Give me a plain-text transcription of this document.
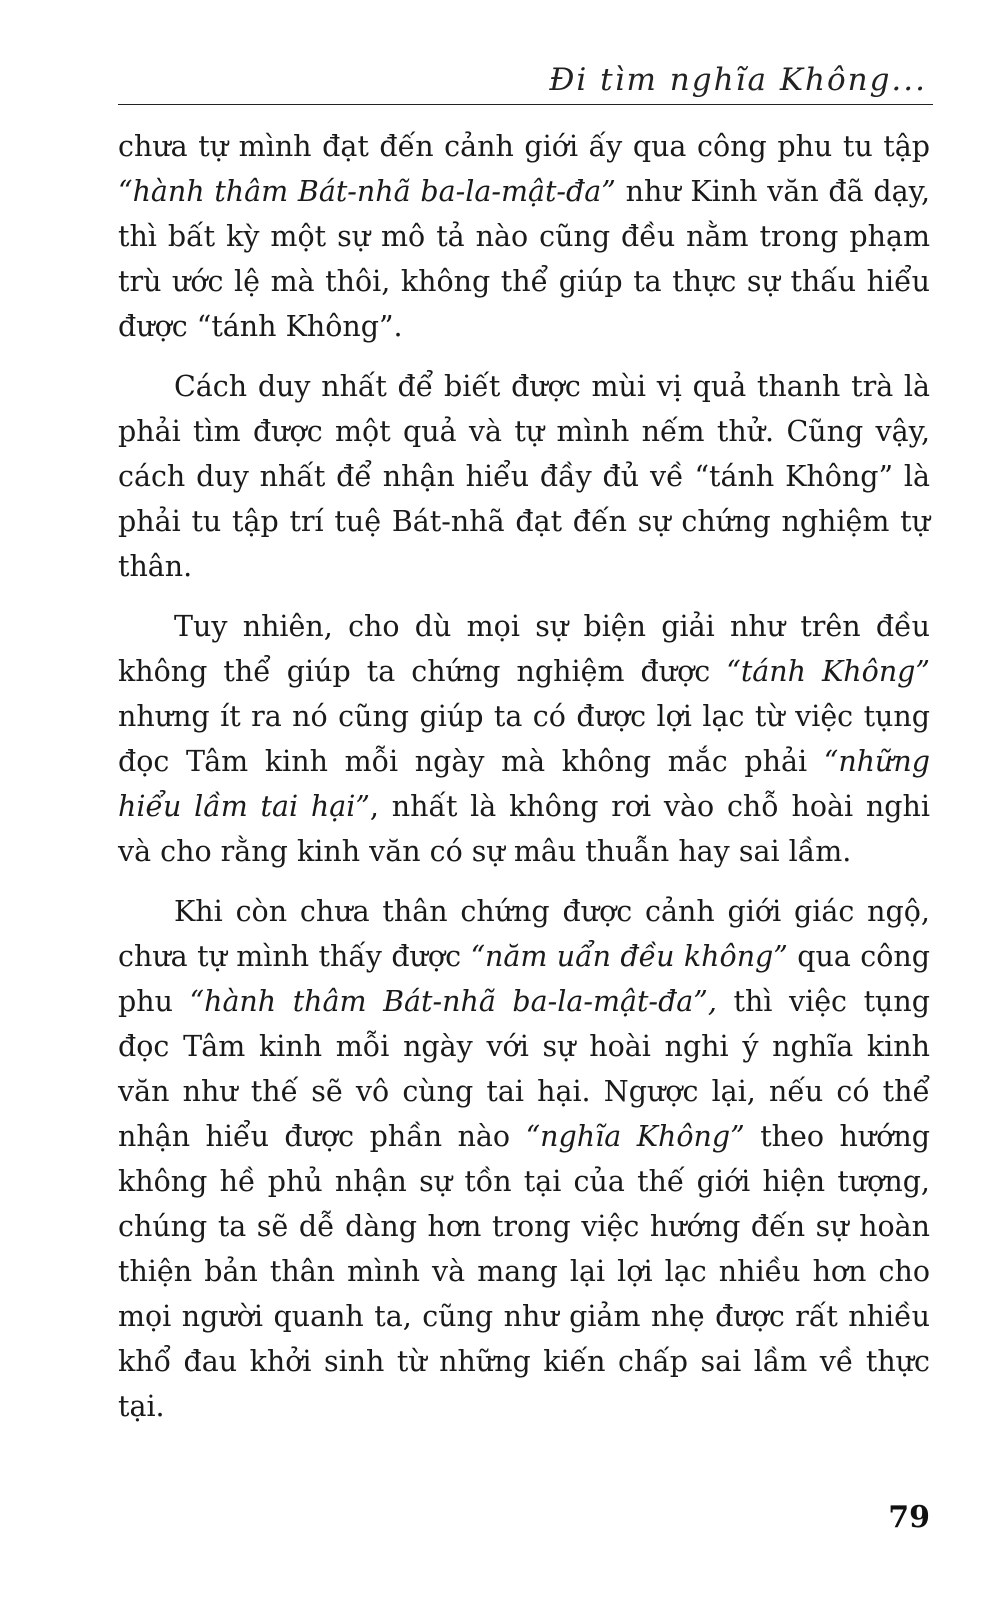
Đi tìm nghĩa Không...

chưa tự mình đạt đến cảnh giới ấy qua công phu tu tập “hành thâm Bát-nhã ba-la-mật-đa” như Kinh văn đã dạy, thì bất kỳ một sự mô tả nào cũng đều nằm trong phạm trù ước lệ mà thôi, không thể giúp ta thực sự thấu hiểu được “tánh Không”.

Cách duy nhất để biết được mùi vị quả thanh trà là phải tìm được một quả và tự mình nếm thử. Cũng vậy, cách duy nhất để nhận hiểu đầy đủ về “tánh Không” là phải tu tập trí tuệ Bát-nhã đạt đến sự chứng nghiệm tự thân.

Tuy nhiên, cho dù mọi sự biện giải như trên đều không thể giúp ta chứng nghiệm được “tánh Không” nhưng ít ra nó cũng giúp ta có được lợi lạc từ việc tụng đọc Tâm kinh mỗi ngày mà không mắc phải “những hiểu lầm tai hại”, nhất là không rơi vào chỗ hoài nghi và cho rằng kinh văn có sự mâu thuẫn hay sai lầm.

Khi còn chưa thân chứng được cảnh giới giác ngộ, chưa tự mình thấy được “năm uẩn đều không” qua công phu “hành thâm Bát-nhã ba-la-mật-đa”, thì việc tụng đọc Tâm kinh mỗi ngày với sự hoài nghi ý nghĩa kinh văn như thế sẽ vô cùng tai hại. Ngược lại, nếu có thể nhận hiểu được phần nào “nghĩa Không” theo hướng không hề phủ nhận sự tồn tại của thế giới hiện tượng, chúng ta sẽ dễ dàng hơn trong việc hướng đến sự hoàn thiện bản thân mình và mang lại lợi lạc nhiều hơn cho mọi người quanh ta, cũng như giảm nhẹ được rất nhiều khổ đau khởi sinh từ những kiến chấp sai lầm về thực tại.

79
